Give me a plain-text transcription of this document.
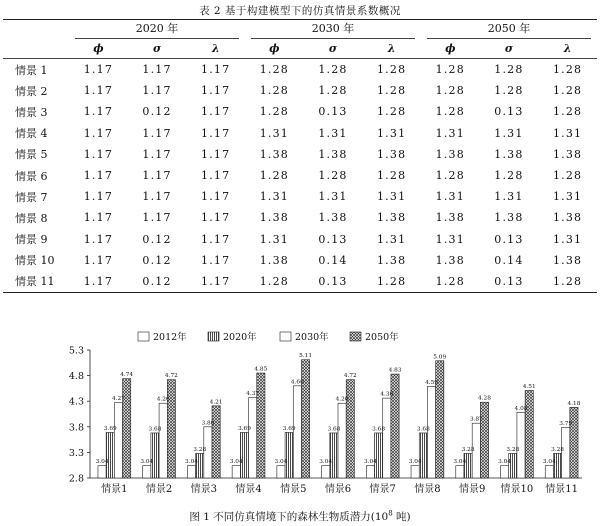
表 2 基于构建模型下的仿真情景系数概况

	2020 年			2030 年			2050 年		

	ϕ	σ	λ	ϕ	σ	λ	ϕ	σ	λ
情景 1	1.17	1.17	1.17	1.28	1.28	1.28	1.28	1.28	1.28
情景 2	1.17	1.17	1.17	1.28	1.28	1.28	1.28	1.28	1.28
情景 3	1.17	0.12	1.17	1.28	0.13	1.28	1.28	0.13	1.28
情景 4	1.17	1.17	1.17	1.31	1.31	1.31	1.31	1.31	1.31
情景 5	1.17	1.17	1.17	1.38	1.38	1.38	1.38	1.38	1.38
情景 6	1.17	1.17	1.17	1.28	1.28	1.28	1.28	1.28	1.28
情景 7	1.17	1.17	1.17	1.31	1.31	1.31	1.31	1.31	1.31
情景 8	1.17	1.17	1.17	1.38	1.38	1.38	1.38	1.38	1.38
情景 9	1.17	0.12	1.17	1.31	0.13	1.31	1.31	0.13	1.31
情景 10	1.17	0.12	1.17	1.38	0.14	1.38	1.38	0.14	1.38
情景 11	1.17	0.12	1.17	1.28	0.13	1.28	1.28	0.13	1.28
2012年	2020年	2030年	2050年
2.8
3.3
3.8
4.3
4.8
5.3
情景1 情景2 情景3 情景4 情景5 情景6 情景7 情景8 情景9 情景10 情景11
3.04
3.69
4.27
4.74
3.04
3.68
4.26
4.72
3.04
3.28
3.80
4.21
3.04
3.69
4.37
4.85
3.04
3.69
4.60
5.11
3.04
3.68
4.26
4.72
3.04
3.68
4.36
4.83
3.04
3.68
4.59
5.09
3.04
3.28
3.87
4.28
3.04
3.28
4.08
4.51
3.04
3.28
3.79
4.18
图 1 不同仿真情境下的森林生物质潜力($10^8$ 吨)
